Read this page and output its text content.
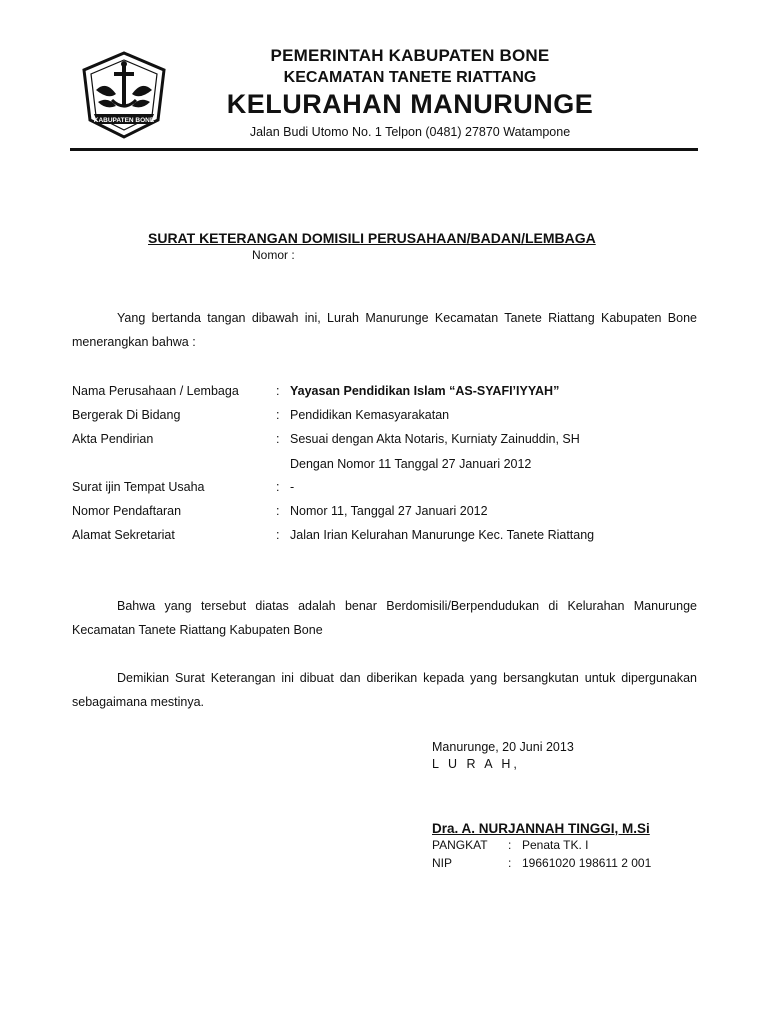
KABUPATEN BONE
PEMERINTAH KABUPATEN BONE
KECAMATAN TANETE RIATTANG
KELURAHAN MANURUNGE
Jalan Budi Utomo No. 1 Telpon (0481) 27870 Watampone
SURAT KETERANGAN DOMISILI PERUSAHAAN/BADAN/LEMBAGA
Nomor :
Yang bertanda tangan dibawah ini, Lurah Manurunge Kecamatan Tanete Riattang Kabupaten Bone menerangkan bahwa :
Nama Perusahaan / Lembaga	: Yayasan Pendidikan Islam “AS-SYAFI’IYYAH”
Bergerak Di Bidang	: Pendidikan Kemasyarakatan
Akta Pendirian	: Sesuai dengan Akta Notaris, Kurniaty Zainuddin, SH
Dengan Nomor 11 Tanggal 27 Januari 2012
Surat ijin Tempat Usaha	: -
Nomor Pendaftaran	: Nomor 11, Tanggal 27 Januari 2012
Alamat Sekretariat	: Jalan Irian Kelurahan Manurunge Kec. Tanete Riattang
Bahwa yang tersebut diatas adalah benar Berdomisili/Berpendudukan di Kelurahan Manurunge Kecamatan Tanete Riattang Kabupaten Bone
Demikian Surat Keterangan ini dibuat dan diberikan kepada yang bersangkutan untuk dipergunakan sebagaimana mestinya.
Manurunge, 20 Juni 2013
L U R A H,
Dra. A. NURJANNAH TINGGI, M.Si
PANGKAT : Penata TK. I
NIP	: 19661020 198611 2 001
